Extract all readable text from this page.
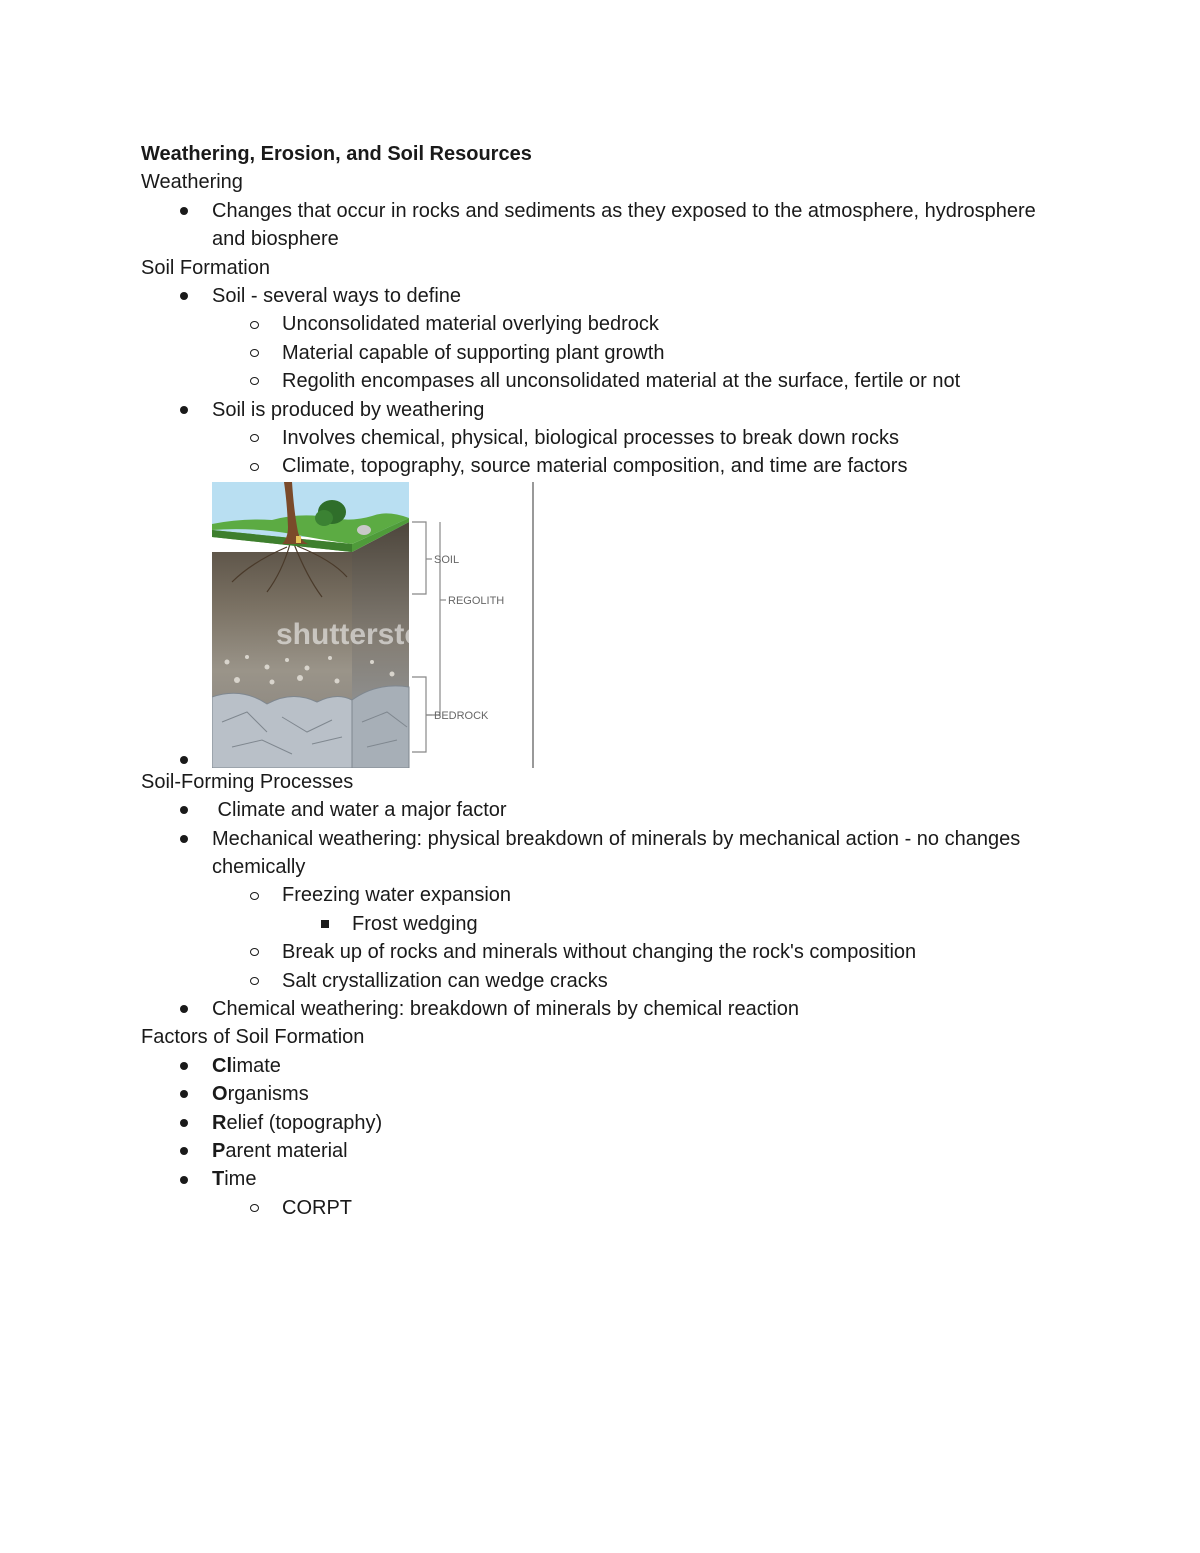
Weathering, Erosion, and Soil Resources
Weathering
Changes that occur in rocks and sediments as they exposed to the atmosphere, hydrosphere and biosphere
Soil Formation
Soil - several ways to define
Unconsolidated material overlying bedrock
Material capable of supporting plant growth
Regolith encompases all unconsolidated material at the surface, fertile or not
Soil is produced by weathering
Involves chemical, physical, biological processes to break down rocks
Climate, topography, source material composition, and time are factors
SOIL
REGOLITH
BEDROCK
shutterstock
Soil-Forming Processes
Climate and water a major factor
Mechanical weathering: physical breakdown of minerals by mechanical action - no changes chemically
Freezing water expansion
Frost wedging
Break up of rocks and minerals without changing the rock's composition
Salt crystallization can wedge cracks
Chemical weathering: breakdown of minerals by chemical reaction
Factors of Soil Formation
Climate
Organisms
Relief (topography)
Parent material
Time
CORPT
